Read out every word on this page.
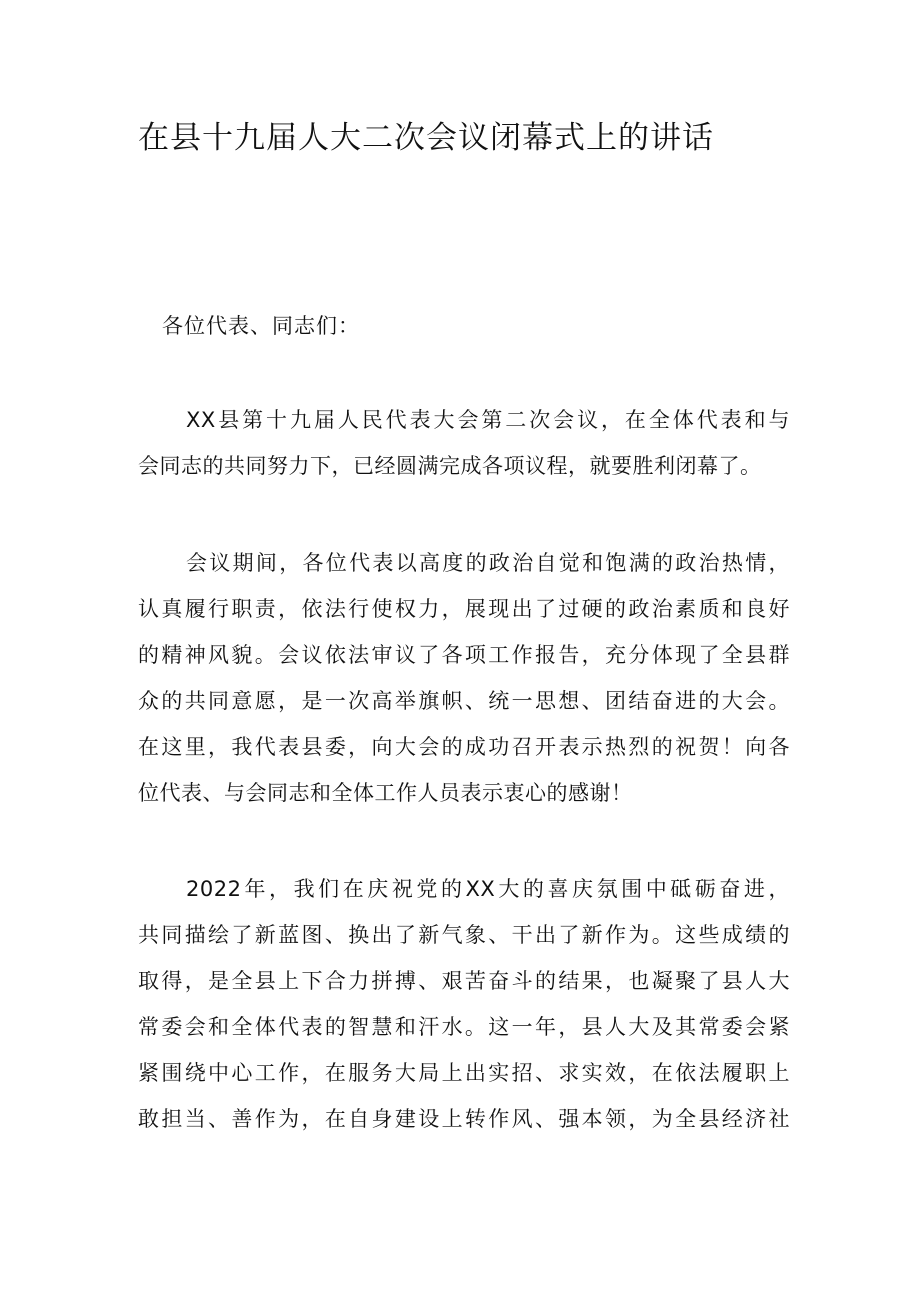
在县十九届人大二次会议闭幕式上的讲话

各位代表、同志们：

XX县第十九届人民代表大会第二次会议，在全体代表和与
会同志的共同努力下，已经圆满完成各项议程，就要胜利闭幕了。
会议期间，各位代表以高度的政治自觉和饱满的政治热情，
认真履行职责，依法行使权力，展现出了过硬的政治素质和良好
的精神风貌。会议依法审议了各项工作报告，充分体现了全县群
众的共同意愿，是一次高举旗帜、统一思想、团结奋进的大会。
在这里，我代表县委，向大会的成功召开表示热烈的祝贺！向各
位代表、与会同志和全体工作人员表示衷心的感谢！
2022年，我们在庆祝党的XX大的喜庆氛围中砥砺奋进，
共同描绘了新蓝图、换出了新气象、干出了新作为。这些成绩的
取得，是全县上下合力拼搏、艰苦奋斗的结果，也凝聚了县人大
常委会和全体代表的智慧和汗水。这一年，县人大及其常委会紧
紧围绕中心工作，在服务大局上出实招、求实效，在依法履职上
敢担当、善作为，在自身建设上转作风、强本领，为全县经济社
